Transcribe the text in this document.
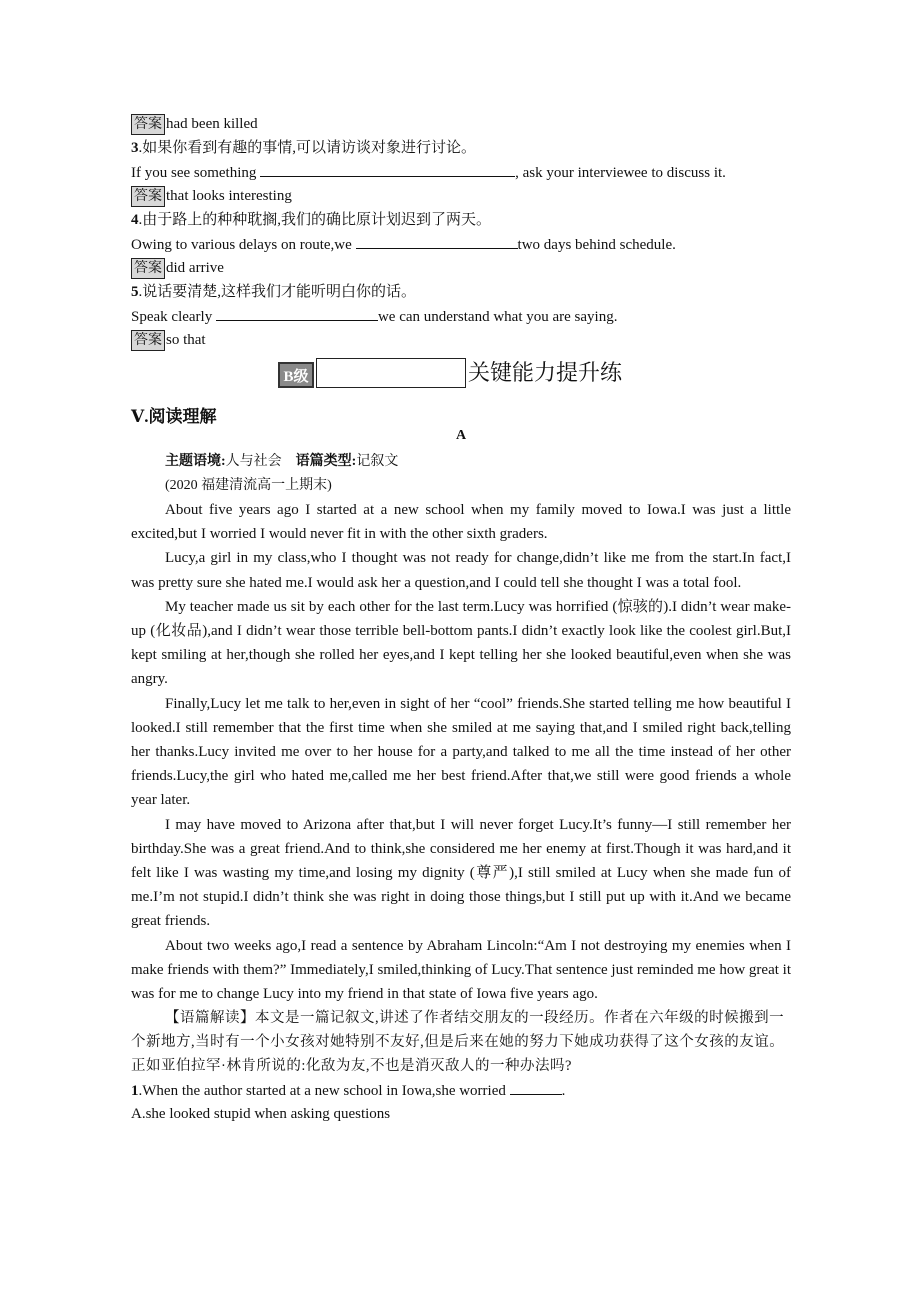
答案 had been killed
3.如果你看到有趣的事情,可以请访谈对象进行讨论。
If you see something	, ask your interviewee to discuss it.
答案 that looks interesting
4.由于路上的种种耽搁,我们的确比原计划迟到了两天。
Owing to various delays on route,we	two days behind schedule.
答案 did arrive
5.说话要清楚,这样我们才能听明白你的话。
Speak clearly	we can understand what you are saying.
答案 so that
B级	关键能力提升练
Ⅴ.阅读理解
A
主题语境:人与社会 语篇类型:记叙文
(2020 福建清流高一上期末)

About five years ago I started at a new school when my family moved to Iowa.I was just a little excited,but I worried I would never fit in with the other sixth graders.

Lucy,a girl in my class,who I thought was not ready for change,didn’t like me from the start.In fact,I was pretty sure she hated me.I would ask her a question,and I could tell she thought I was a total fool.

My teacher made us sit by each other for the last term.Lucy was horrified (惊骇的).I didn’t wear make-up (化妆品),and I didn’t wear those terrible bell-bottom pants.I didn’t exactly look like the coolest girl.But,I kept smiling at her,though she rolled her eyes,and I kept telling her she looked beautiful,even when she was angry.

Finally,Lucy let me talk to her,even in sight of her “cool” friends.She started telling me how beautiful I looked.I still remember that the first time when she smiled at me saying that,and I smiled right back,telling her thanks.Lucy invited me over to her house for a party,and talked to me all the time instead of her other friends.Lucy,the girl who hated me,called me her best friend.After that,we still were good friends a whole year later.

I may have moved to Arizona after that,but I will never forget Lucy.It’s funny—I still remember her birthday.She was a great friend.And to think,she considered me her enemy at first.Though it was hard,and it felt like I was wasting my time,and losing my dignity (尊严),I still smiled at Lucy when she made fun of me.I’m not stupid.I didn’t think she was right in doing those things,but I still put up with it.And we became great friends.

About two weeks ago,I read a sentence by Abraham Lincoln:“Am I not destroying my enemies when I make friends with them?” Immediately,I smiled,thinking of Lucy.That sentence just reminded me how great it was for me to change Lucy into my friend in that state of Iowa five years ago.

【语篇解读】本文是一篇记叙文,讲述了作者结交朋友的一段经历。作者在六年级的时候搬到一个新地方,当时有一个小女孩对她特别不友好,但是后来在她的努力下她成功获得了这个女孩的友谊。正如亚伯拉罕·林肯所说的:化敌为友,不也是消灭敌人的一种办法吗?

1.When the author started at a new school in Iowa,she worried	.
A.she looked stupid when asking questions
